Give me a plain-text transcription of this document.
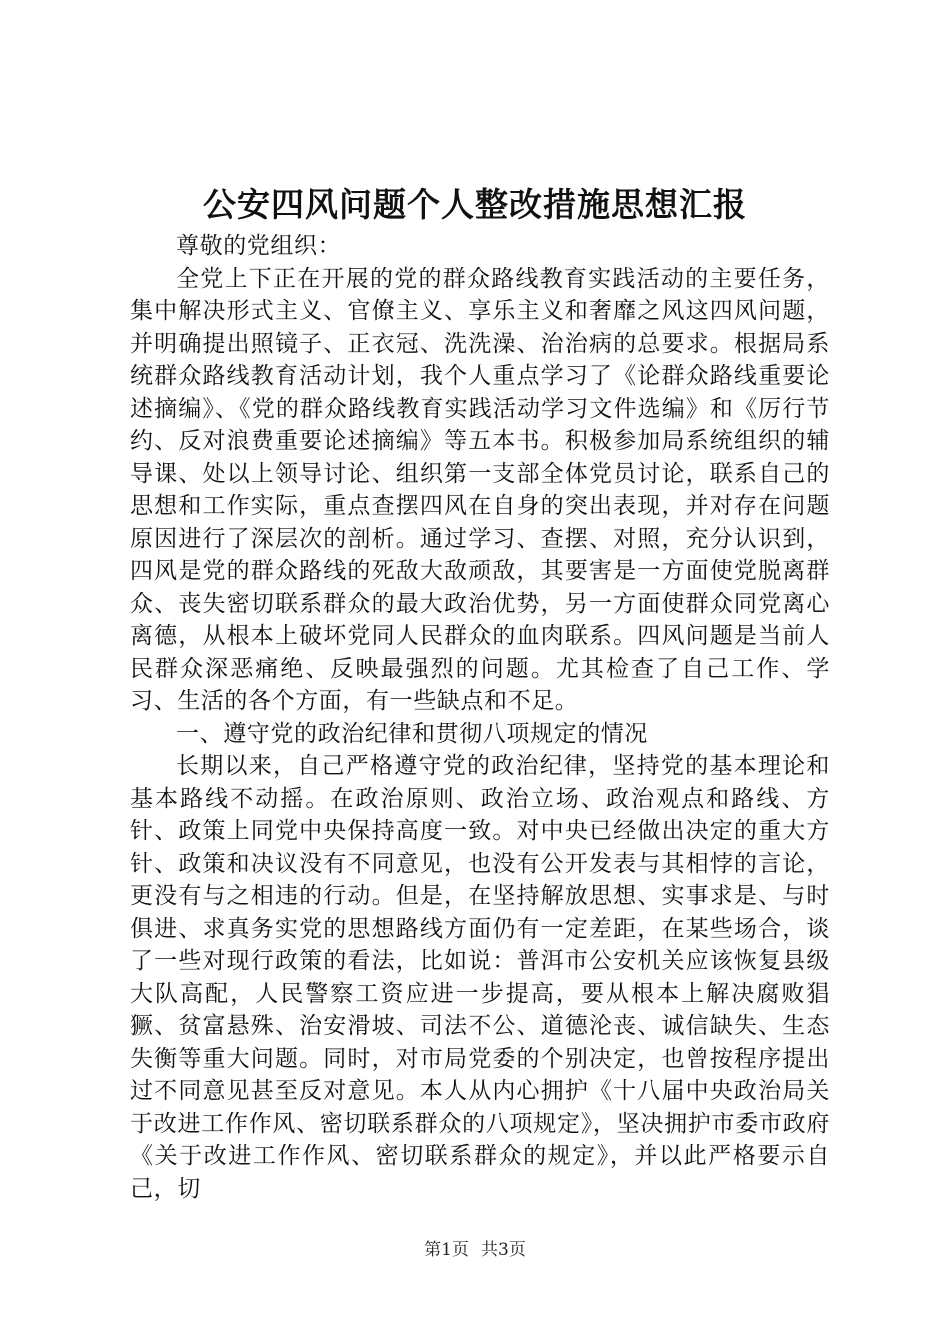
公安四风问题个人整改措施思想汇报

尊敬的党组织：

全党上下正在开展的党的群众路线教育实践活动的主要任务，集中解决形式主义、官僚主义、享乐主义和奢靡之风这四风问题，并明确提出照镜子、正衣冠、洗洗澡、治治病的总要求。根据局系统群众路线教育活动计划，我个人重点学习了《论群众路线重要论述摘编》、《党的群众路线教育实践活动学习文件选编》和《厉行节约、反对浪费重要论述摘编》等五本书。积极参加局系统组织的辅导课、处以上领导讨论、组织第一支部全体党员讨论，联系自己的思想和工作实际，重点查摆四风在自身的突出表现，并对存在问题原因进行了深层次的剖析。通过学习、查摆、对照，充分认识到，四风是党的群众路线的死敌大敌顽敌，其要害是一方面使党脱离群众、丧失密切联系群众的最大政治优势，另一方面使群众同党离心离德，从根本上破坏党同人民群众的血肉联系。四风问题是当前人民群众深恶痛绝、反映最强烈的问题。尤其检查了自己工作、学习、生活的各个方面，有一些缺点和不足。

一、遵守党的政治纪律和贯彻八项规定的情况

长期以来，自己严格遵守党的政治纪律，坚持党的基本理论和基本路线不动摇。在政治原则、政治立场、政治观点和路线、方针、政策上同党中央保持高度一致。对中央已经做出决定的重大方针、政策和决议没有不同意见，也没有公开发表与其相悖的言论，更没有与之相违的行动。但是，在坚持解放思想、实事求是、与时俱进、求真务实党的思想路线方面仍有一定差距，在某些场合，谈了一些对现行政策的看法，比如说：普洱市公安机关应该恢复县级大队高配，人民警察工资应进一步提高，要从根本上解决腐败猖獗、贫富悬殊、治安滑坡、司法不公、道德沦丧、诚信缺失、生态失衡等重大问题。同时，对市局党委的个别决定，也曾按程序提出过不同意见甚至反对意见。本人从内心拥护《十八届中央政治局关于改进工作作风、密切联系群众的八项规定》，坚决拥护市委市政府《关于改进工作作风、密切联系群众的规定》，并以此严格要示自己，切

第1页 共3页
